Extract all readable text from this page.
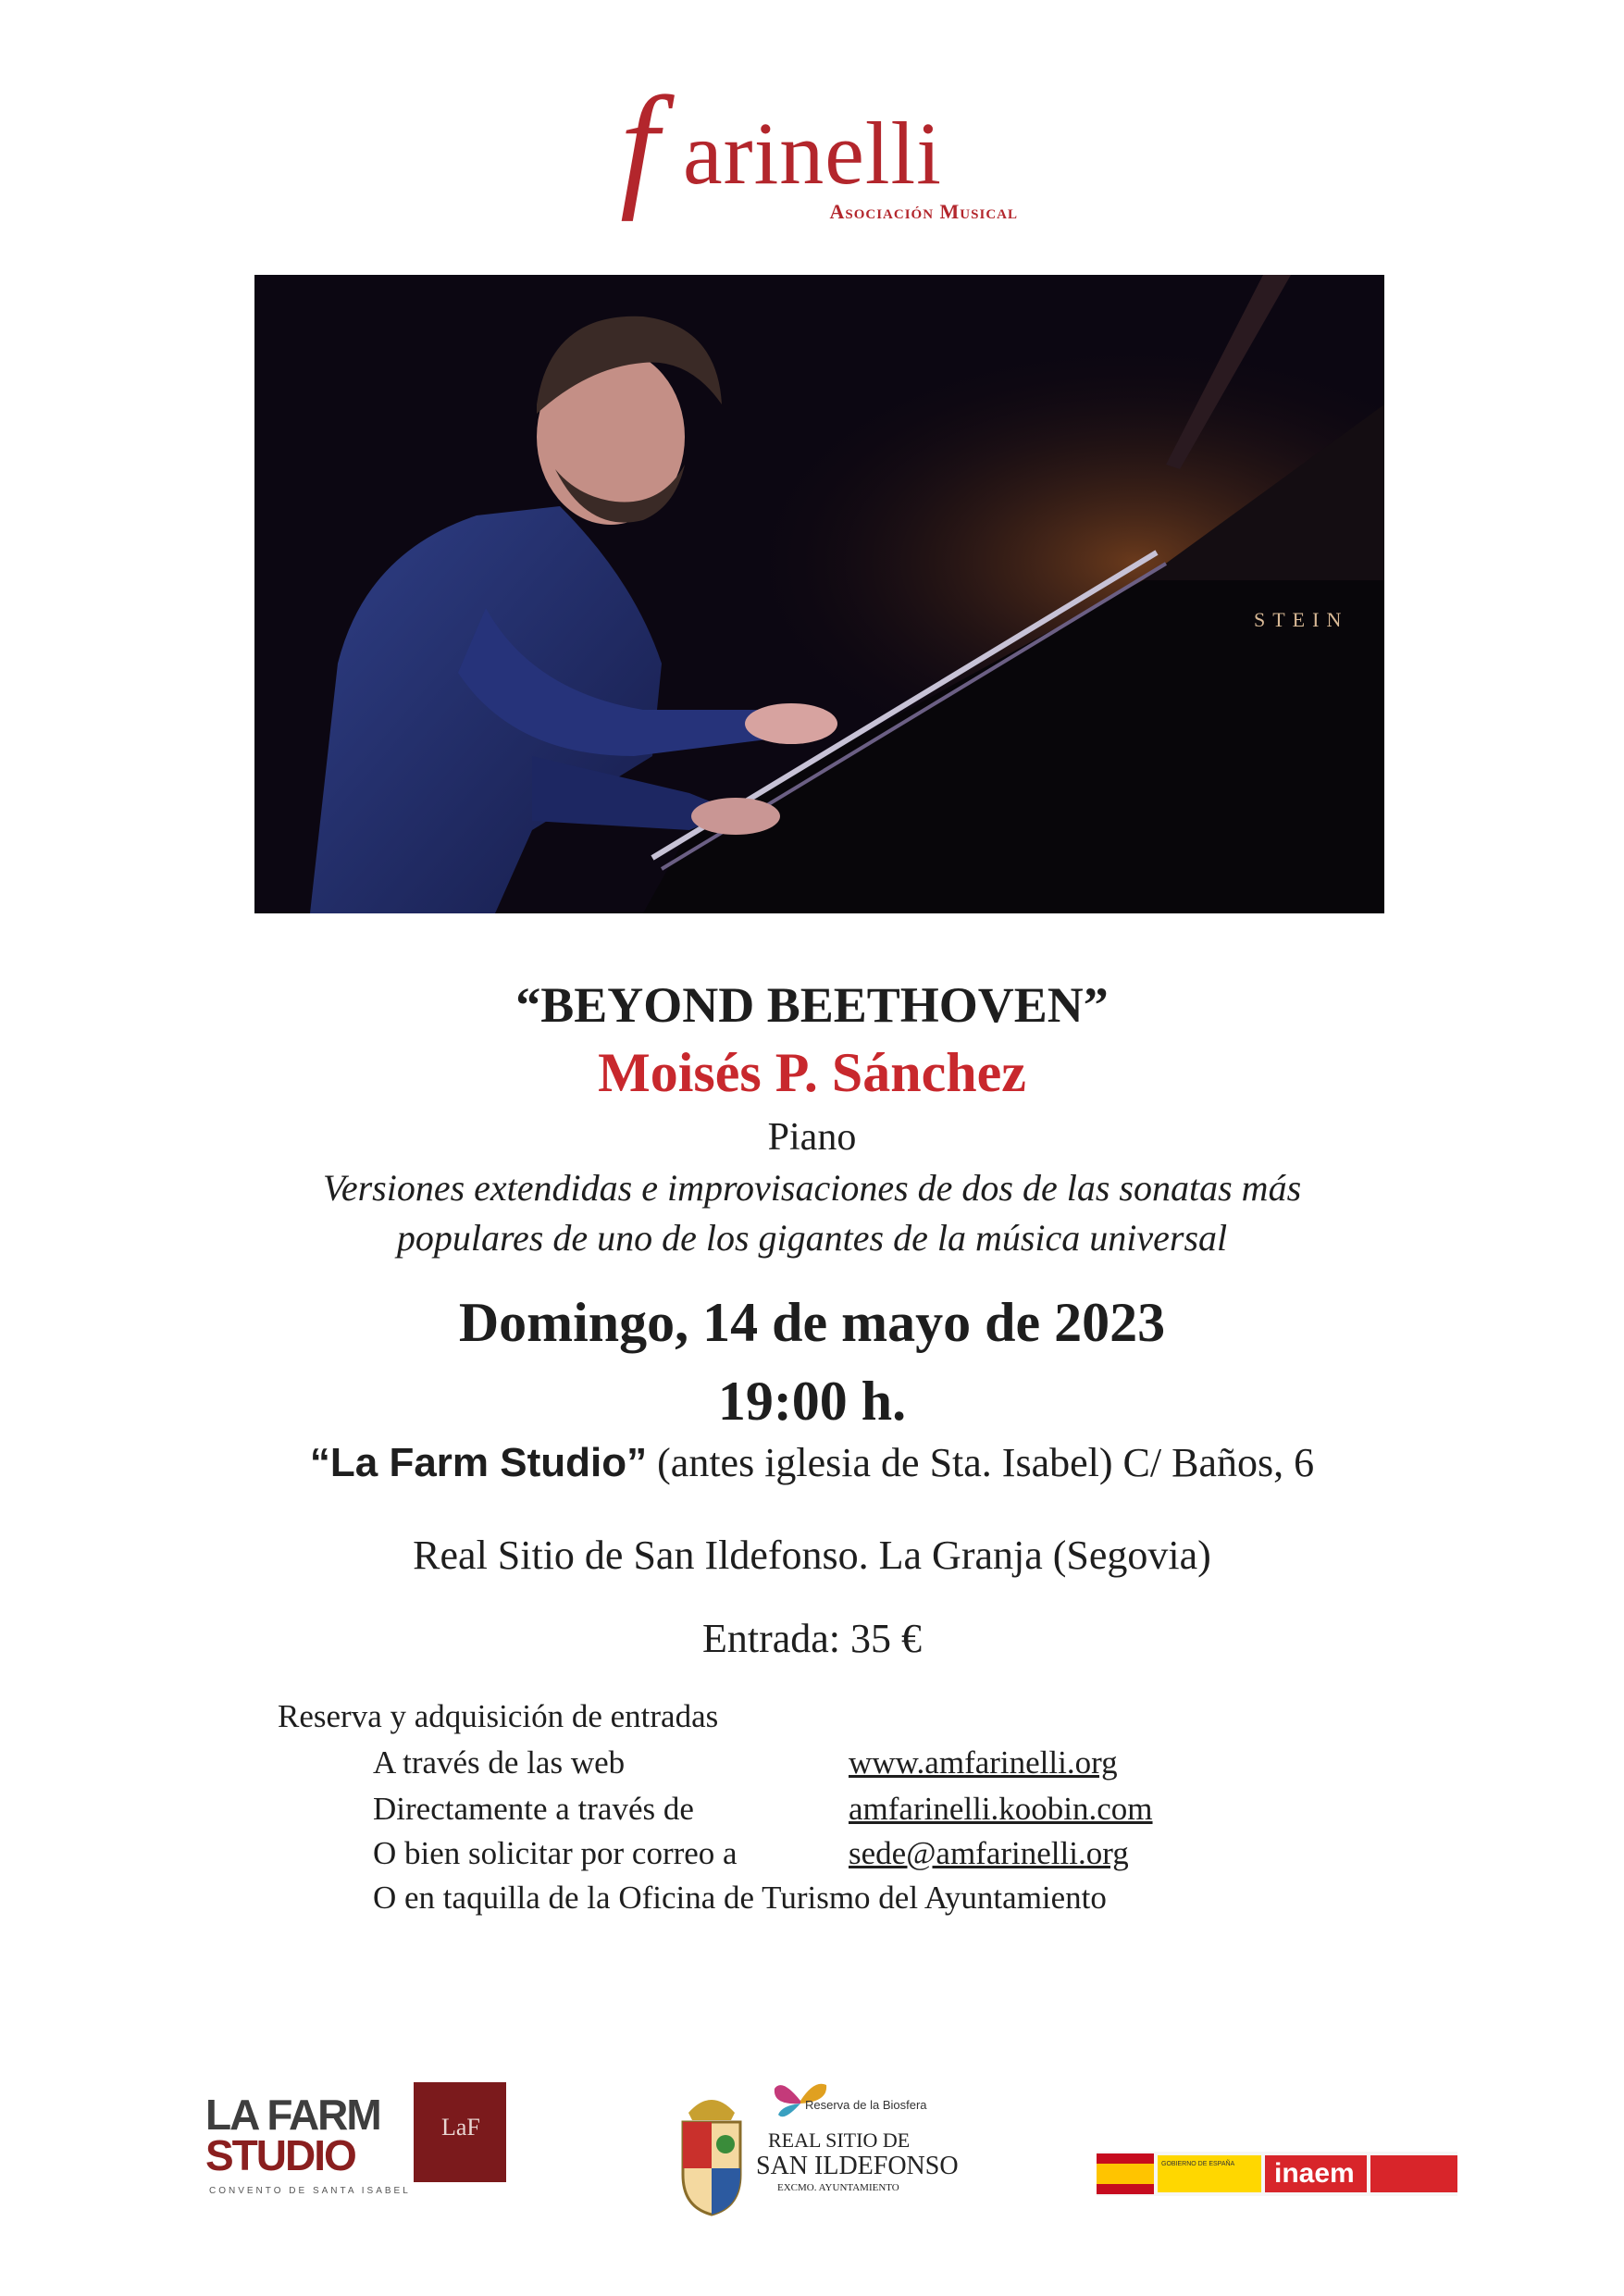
f arinelli
Asociación Musical
STEIN
“BEYOND BEETHOVEN”
Moisés P. Sánchez
Piano
Versiones extendidas e improvisaciones de dos de las sonatas más
populares de uno de los gigantes de la música universal
Domingo, 14 de mayo de 2023
19:00 h.
“La Farm Studio” (antes iglesia de Sta. Isabel) C/ Baños, 6
Real Sitio de San Ildefonso. La Granja (Segovia)
Entrada: 35 €
Reserva y adquisición de entradas
A través de las web	www.amfarinelli.org
Directamente a través de	amfarinelli.koobin.com
O bien solicitar por correo a	sede@amfarinelli.org
O en taquilla de la Oficina de Turismo del Ayuntamiento
LA FARM
STUDIO
LaF
CONVENTO DE SANTA ISABEL
Reserva de la Biosfera
REAL SITIO DE
SAN ILDEFONSO
EXCMO. AYUNTAMIENTO
GOBIERNO DE ESPAÑA	inaem
